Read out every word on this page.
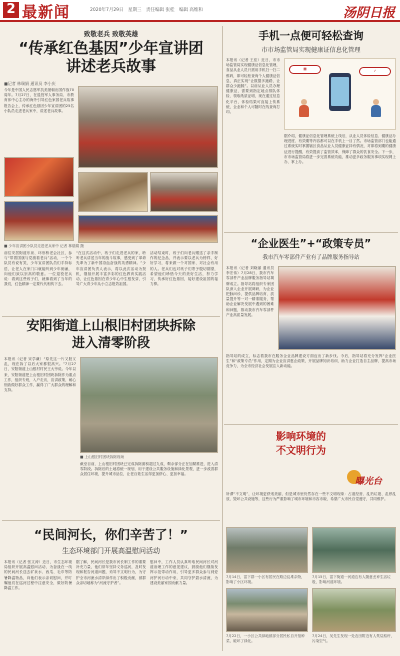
2 最新闻	2020年7月29日　星期三　责任编辑 张桂　编辑 高维和	汤阴日报
致敬老兵 致敬英雄
“传承红色基因”少年宣讲团
讲述老兵故事
■记者 林瑞娟 通讯员 李小庆
今年是中国人民志愿军抗美援朝出国作战70周年。7月27日，在退役军人事务局、市教育体中心主办的海外引导红色家园老兵故事报告会上，传承红色基因少年宣讲团的25名小队员走进老兵家中，讲述老兵故事。
■ 少年宣讲团小队员走进老兵家中 记者 林瑞娟 摄
前往安居街道东泉、环形桥老会社区，参与“带着国旗与党旗看老兵”活动，一个个队员有说有笑，少年宣讲团队员们手持标语，让老人在家门口就能听到少年朗诵，向他们致以崇高的敬意。一位退役老兵说：看到这些孩子们，就像看到了当年的我们，红色精神一定要代代相传下去。
“在这次活动中，孩子们走进老兵的家，聆听老兵讲述当年的战斗故事，感受到了革命先辈为了新中国浴血奋战的英勇精神。”少年宣讲团负责人表示，将以此次活动为契机，继续开展丰富多彩的红色教育实践活动，让红色基因在青少年心中生根发芽，引导广大青少年从小立志报效祖国。
活动结束时，孩子们向老兵赠送了亲手制作的纪念品，并表示要以老兵为榜样，好好学习，将来做一个对国家、对社会有用的人。老兵们也对孩子们寄予殷切期望，希望他们珍惜今天的美好生活，努力学习，传承好红色基因，接好建设祖国的接力棒。
安阳街道上山根旧村团块拆除
进入清零阶段
本报讯（记者 宋学谦）“原先这一片又脏又乱，现在拆了以后大家都很高兴。”7月27日，安阳街道上山根村村民王大爷说。今年以来，安阳街道把上山根旧村团块拆除作为重点工作，组织专班，入户走访，宣讲政策，耐心细致做好群众工作，赢得了广大群众的理解和支持。
■ 上山根旧村团块拆除现场
截至目前，上山根旧村团块已完成拆除面积超过九成，剩余部分正在加紧推进，进入清零阶段。拆除后的土地将统一规划，用于建设公共服务设施和绿化景观，进一步改善群众居住环境，提升城市品位，让老百姓生活得更加舒心、更加幸福。
“民间河长，你们辛苦了！”
生态环境部门开展高温慰问活动
本报讯（记者 张文涛）近日，市生态环境局组织开展高温慰问活动，为奋战在一线的民间河长送去矿泉水、西瓜、毛巾等防暑降温物品，向他们表示亲切慰问，并叮嘱他们在巡河过程中注意安全，做好防暑降温工作。
据了解，民间河长是我市河长制工作的重要补充力量，他们常年坚持义务巡河，及时发现和报告河道问题，劝导不文明行为，为守护全市河流水清岸绿作出了积极贡献，被群众亲切地称为“河流守护者”。
慰问中，工作人员认真听取民间河长对河道治理工作的意见建议，鼓励他们继续发挥示范带动作用，引导更多群众参与到爱河护河行动中来，共同守护碧水清流，为建设美丽家园贡献力量。
手机一点便可轻松查询
市市场监管局实现健康证信息化管理
本报讯（记者 王佳）近日，市市场监管局实现健康证信息化管理，食品从业人员只需用手机扫一扫二维码，即可轻松查询个人健康证信息，真正实现“让数据多跑路，让群众少跑腿”。以前从业人员办理健康证，需要到指定地点排队体检、领取纸质证明，现在通过信息化平台，体检结果可直接上传系统，企业和个人可随时在线查询打印。
▦	✓
据介绍，健康证信息化管理系统上线后，从业人员体检信息、健康证办理进度、有效期等内容都可以在手机上一目了然。市场监管部门也能通过系统实时掌握辖区食品从业人员健康证持有情况，对即将到期的健康证进行提醒，有效提高了监管效率，保障了群众的饮食安全。下一步，市市场监管局将进一步完善系统功能，推动更多政务服务事项实现网上办、掌上办。
“企业医生”+“政策专员”
我市汽车零部件产业有了品牌服务指导站
本报讯（记者 刘晓丽 通讯员 李宏伟）7月28日，我市汽车零部件产业品牌服务指导站揭牌成立。指导站将组织专家团队深入企业开展调研，为企业把脉问诊，提供品牌培育、质量提升等一对一精准服务，帮助企业解决发展中遇到的困难和问题，推动我市汽车零部件产业高质量发展。
指导站的成立，标志着我市在服务企业品牌建设方面迈出了新步伐。今后，指导站将充分发挥“企业医生”和“政策专员”作用，定期为企业宣讲惠企政策，开展品牌知识培训，助力企业打造自主品牌，提高市场竞争力，为全市经济社会发展注入新动能。
影响环境的
不文明行为
曝光台
所谓“不文明”，让环境更舒适美丽，但是城市里仍然存在一些不文明现象：占道经营、乱扔垃圾、乱停乱放、毁坏公共设施等，这些行为严重影响了城市环境和市容市貌，希望广大市民自觉遵守，共同维护。
7月14日，富下群一小区有居民在路边乱堆杂物，影响了小区环境。
7月15日，富下街道一河道边有人随意丢弃生活垃圾，影响河道环境。
7月22日，一小区公共绿地被部分居民私自开垦种菜，破坏了绿化。
7月24日，吴先生发现一处农田附近有人焚烧秸秆，污染空气。
